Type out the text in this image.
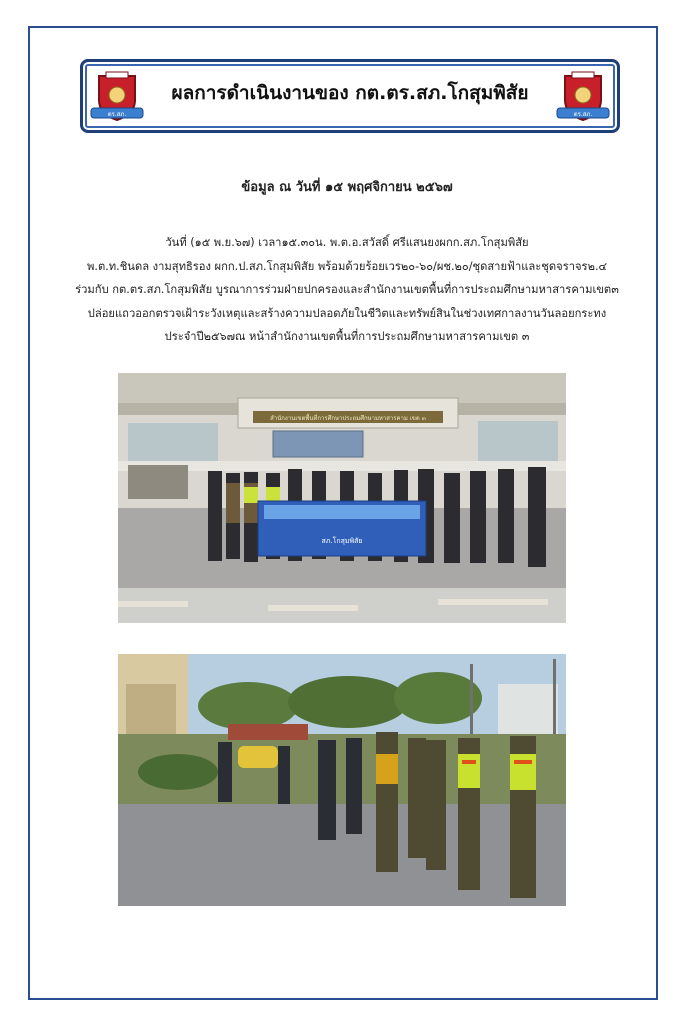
ตร.สภ.
ผลการดำเนินงานของ กต.ตร.สภ.โกสุมพิสัย
ตร.สภ.
ข้อมูล ณ วันที่ ๑๕ พฤศจิกายน ๒๕๖๗
วันที่ (๑๕ พ.ย.๖๗) เวลา๑๕.๓๐น. พ.ต.อ.สวัสดิ์ ศรีแสนยงผกก.สภ.โกสุมพิสัย
พ.ต.ท.ชินดล งามสุทธิรอง ผกก.ป.สภ.โกสุมพิสัย พร้อมด้วยร้อยเวร๒๐-๖๐/ผช.๒๐/ชุดสายฟ้าและชุดจราจร๒.๔
ร่วมกับ กต.ตร.สภ.โกสุมพิสัย บูรณาการร่วมฝ่ายปกครองและสำนักงานเขตพื้นที่การประถมศึกษามหาสารคามเขต๓
ปล่อยแถวออกตรวจเฝ้าระวังเหตุและสร้างความปลอดภัยในชีวิตและทรัพย์สินในช่วงเทศกาลงานวันลอยกระทง
ประจำปี๒๕๖๗ณ หน้าสำนักงานเขตพื้นที่การประถมศึกษามหาสารคามเขต ๓
สำนักงานเขตพื้นที่การศึกษาประถมศึกษามหาสารคาม เขต ๓
สภ.โกสุมพิสัย
